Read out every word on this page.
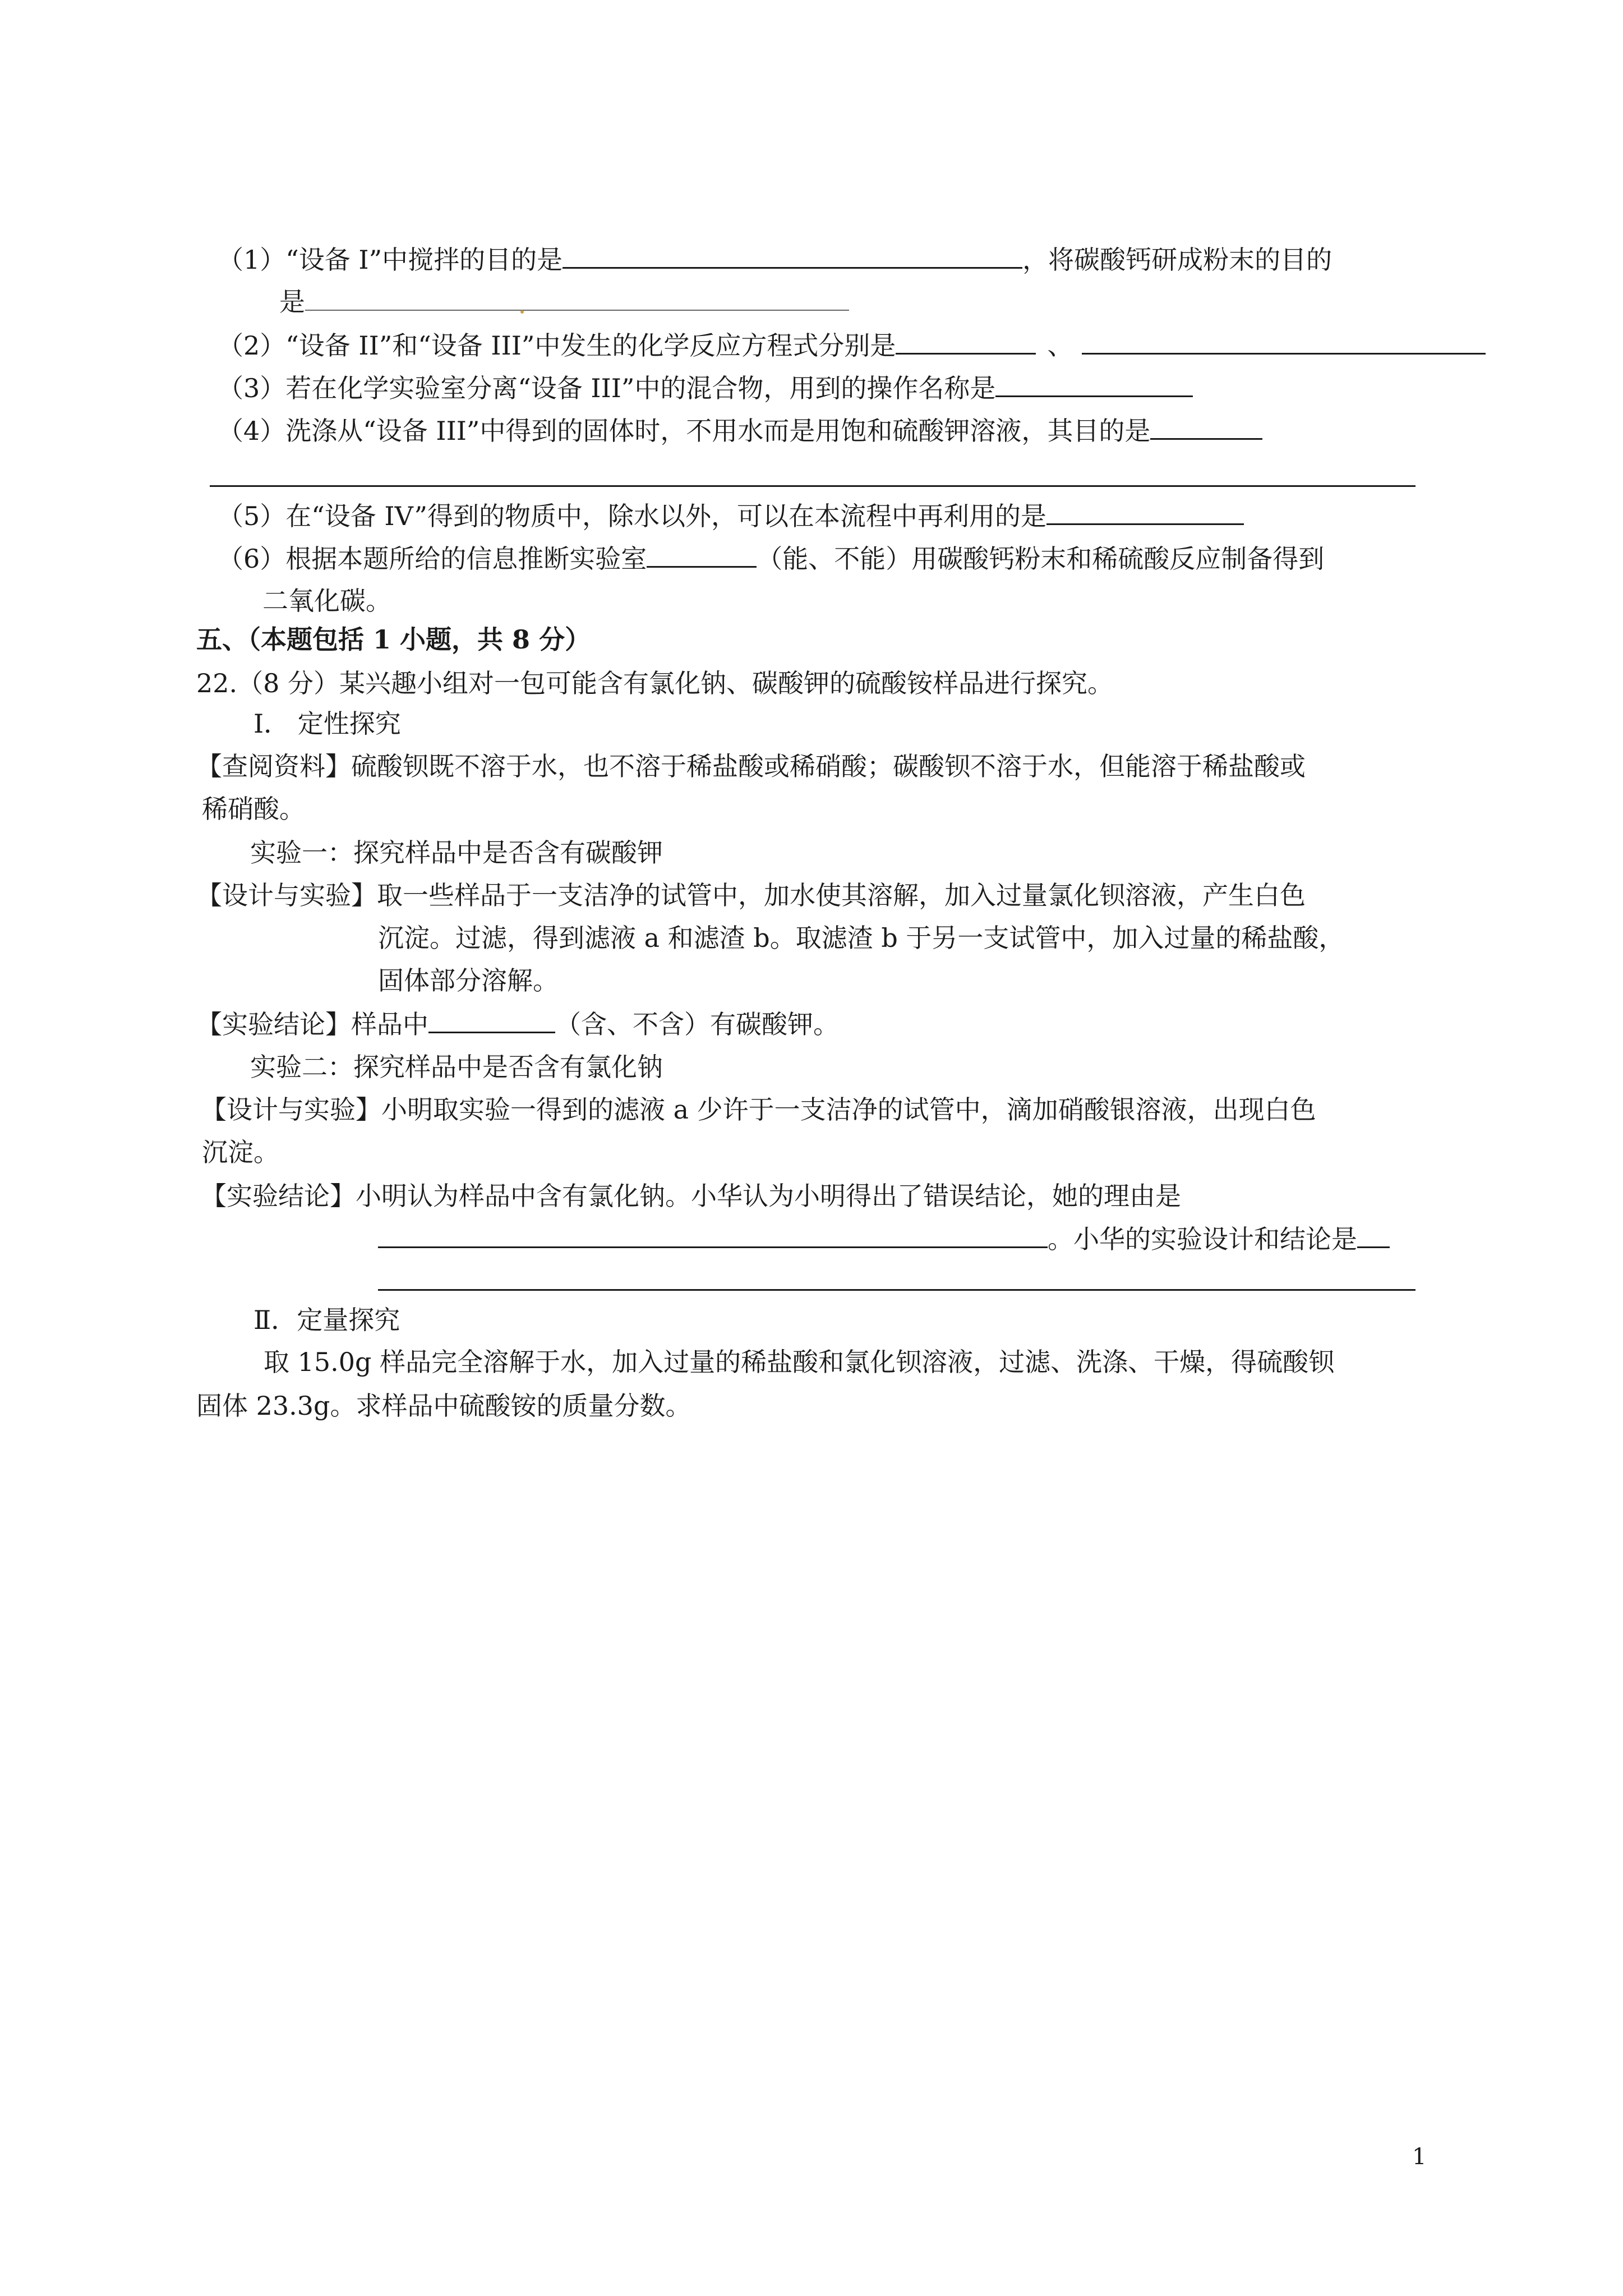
（1）“设备 I”中搅拌的目的是	，将碳酸钙研成粉末的目的
是
（2）“设备 II”和“设备 III”中发生的化学反应方程式分别是	、
（3）若在化学实验室分离“设备 III”中的混合物，用到的操作名称是
（4）洗涤从“设备 III”中得到的固体时，不用水而是用饱和硫酸钾溶液，其目的是
（5）在“设备 IV”得到的物质中，除水以外，可以在本流程中再利用的是
（6）根据本题所给的信息推断实验室	（能、不能）用碳酸钙粉末和稀硫酸反应制备得到
二氧化碳。
五、（本题包括 1 小题，共 8 分）
22.（8 分）某兴趣小组对一包可能含有氯化钠、碳酸钾的硫酸铵样品进行探究。
Ⅰ． 定性探究
【查阅资料】硫酸钡既不溶于水，也不溶于稀盐酸或稀硝酸；碳酸钡不溶于水，但能溶于稀盐酸或
稀硝酸。
实验一：探究样品中是否含有碳酸钾
【设计与实验】取一些样品于一支洁净的试管中，加水使其溶解，加入过量氯化钡溶液，产生白色
沉淀。过滤，得到滤液 a 和滤渣 b。取滤渣 b 于另一支试管中，加入过量的稀盐酸，
固体部分溶解。
【实验结论】样品中	（含、不含）有碳酸钾。
实验二：探究样品中是否含有氯化钠
【设计与实验】小明取实验一得到的滤液 a 少许于一支洁净的试管中，滴加硝酸银溶液，出现白色
沉淀。
【实验结论】小明认为样品中含有氯化钠。小华认为小明得出了错误结论，她的理由是
。小华的实验设计和结论是
Ⅱ．定量探究
取 15.0g 样品完全溶解于水，加入过量的稀盐酸和氯化钡溶液，过滤、洗涤、干燥，得硫酸钡
固体 23.3g。求样品中硫酸铵的质量分数。
1
